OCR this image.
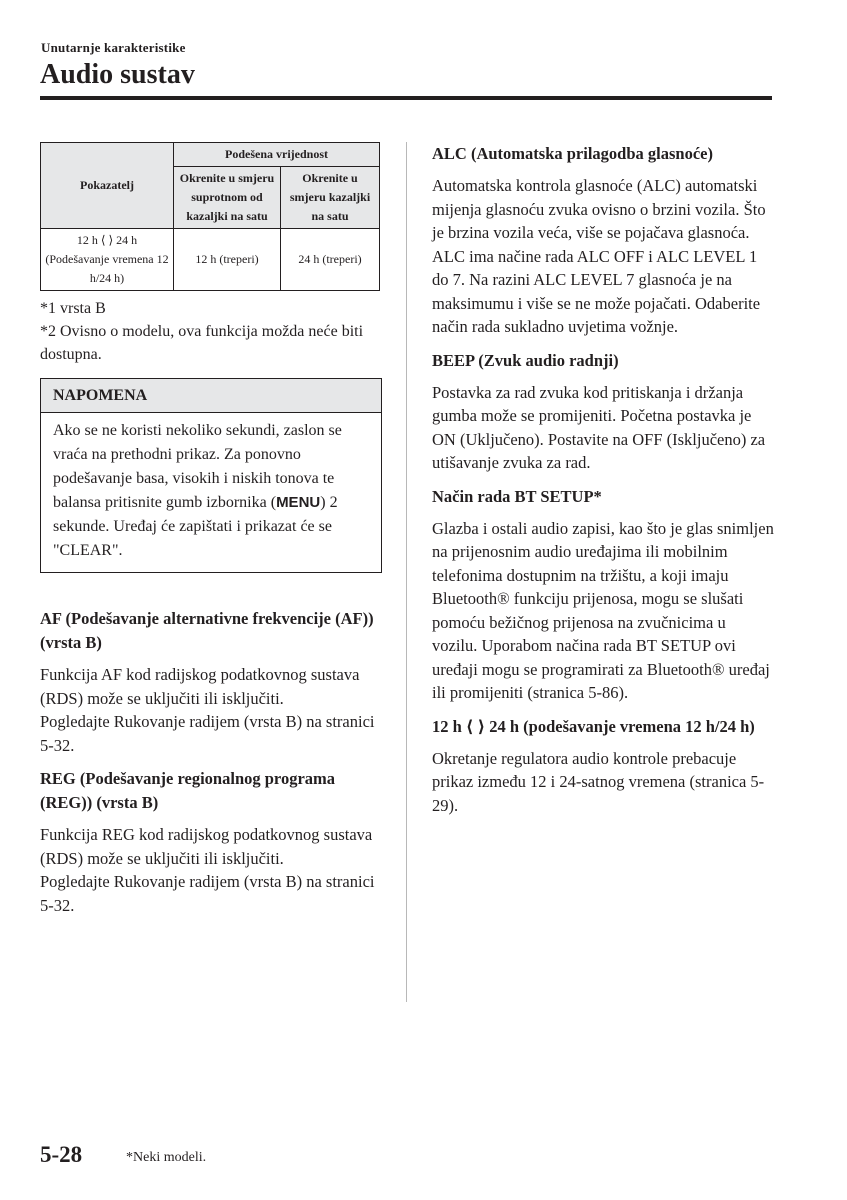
Unutarnje karakteristike
Audio sustav
Pokazatelj	Podešena vrijednost	
	Okrenite u smjeru suprotnom od kazaljki na satu	Okrenite u smjeru kazaljki na satu
12 h ⟨ ⟩ 24 h (Podešavanje vremena 12 h/24 h)	12 h (treperi)	24 h (treperi)

*1 vrsta B

*2 Ovisno o modelu, ova funkcija možda neće biti dostupna.

NAPOMENA
Ako se ne koristi nekoliko sekundi, zaslon se vraća na prethodni prikaz. Za ponovno podešavanje basa, visokih i niskih tonova te balansa pritisnite gumb izbornika (MENU) 2 sekunde. Uređaj će zapištati i prikazat će se "CLEAR".

AF (Podešavanje alternativne frekvencije (AF)) (vrsta B)

Funkcija AF kod radijskog podatkovnog sustava (RDS) može se uključiti ili isključiti.

Pogledajte Rukovanje radijem (vrsta B) na stranici 5-32.

REG (Podešavanje regionalnog programa (REG)) (vrsta B)

Funkcija REG kod radijskog podatkovnog sustava (RDS) može se uključiti ili isključiti.

Pogledajte Rukovanje radijem (vrsta B) na stranici 5-32.

ALC (Automatska prilagodba glasnoće)

Automatska kontrola glasnoće (ALC) automatski mijenja glasnoću zvuka ovisno o brzini vozila. Što je brzina vozila veća, više se pojačava glasnoća. ALC ima načine rada ALC OFF i ALC LEVEL 1 do 7. Na razini ALC LEVEL 7 glasnoća je na maksimumu i više se ne može pojačati. Odaberite način rada sukladno uvjetima vožnje.

BEEP (Zvuk audio radnji)

Postavka za rad zvuka kod pritiskanja i držanja gumba može se promijeniti. Početna postavka je ON (Uključeno). Postavite na OFF (Isključeno) za utišavanje zvuka za rad.

Način rada BT SETUP*

Glazba i ostali audio zapisi, kao što je glas snimljen na prijenosnim audio uređajima ili mobilnim telefonima dostupnim na tržištu, a koji imaju Bluetooth® funkciju prijenosa, mogu se slušati pomoću bežičnog prijenosa na zvučnicima u vozilu. Uporabom načina rada BT SETUP ovi uređaji mogu se programirati za Bluetooth® uređaj ili promijeniti (stranica 5-86).

12 h ⟨ ⟩ 24 h (podešavanje vremena 12 h/24 h)

Okretanje regulatora audio kontrole prebacuje prikaz između 12 i 24-satnog vremena (stranica 5-29).

5-28	*Neki modeli.
